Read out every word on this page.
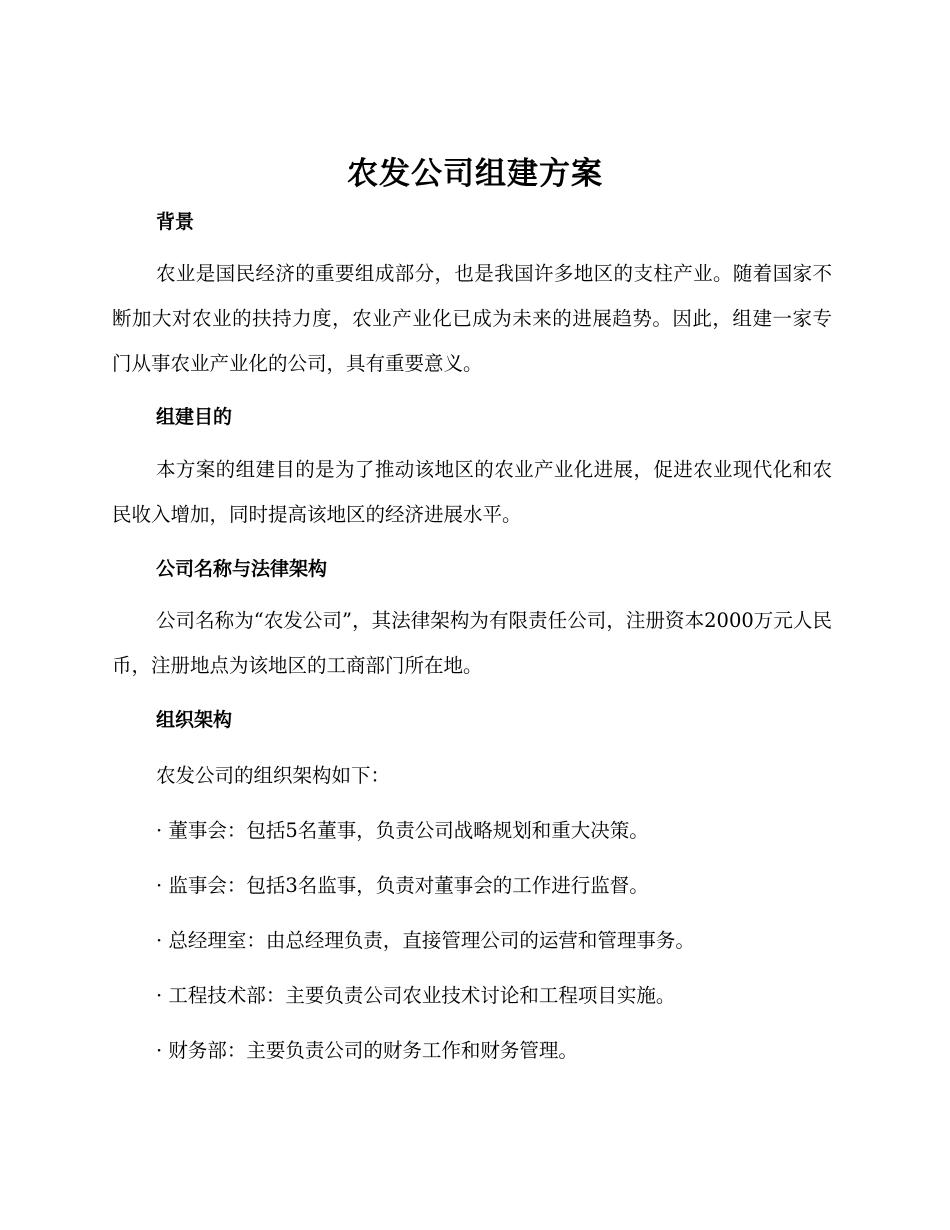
农发公司组建方案
背景

农业是国民经济的重要组成部分，也是我国许多地区的支柱产业。随着国家不断加大对农业的扶持力度，农业产业化已成为未来的进展趋势。因此，组建一家专门从事农业产业化的公司，具有重要意义。

组建目的

本方案的组建目的是为了推动该地区的农业产业化进展，促进农业现代化和农民收入增加，同时提高该地区的经济进展水平。

公司名称与法律架构

公司名称为“农发公司”，其法律架构为有限责任公司，注册资本2000万元人民币，注册地点为该地区的工商部门所在地。

组织架构

农发公司的组织架构如下：

· 董事会：包括5名董事，负责公司战略规划和重大决策。

· 监事会：包括3名监事，负责对董事会的工作进行监督。

· 总经理室：由总经理负责，直接管理公司的运营和管理事务。

· 工程技术部：主要负责公司农业技术讨论和工程项目实施。

· 财务部：主要负责公司的财务工作和财务管理。
